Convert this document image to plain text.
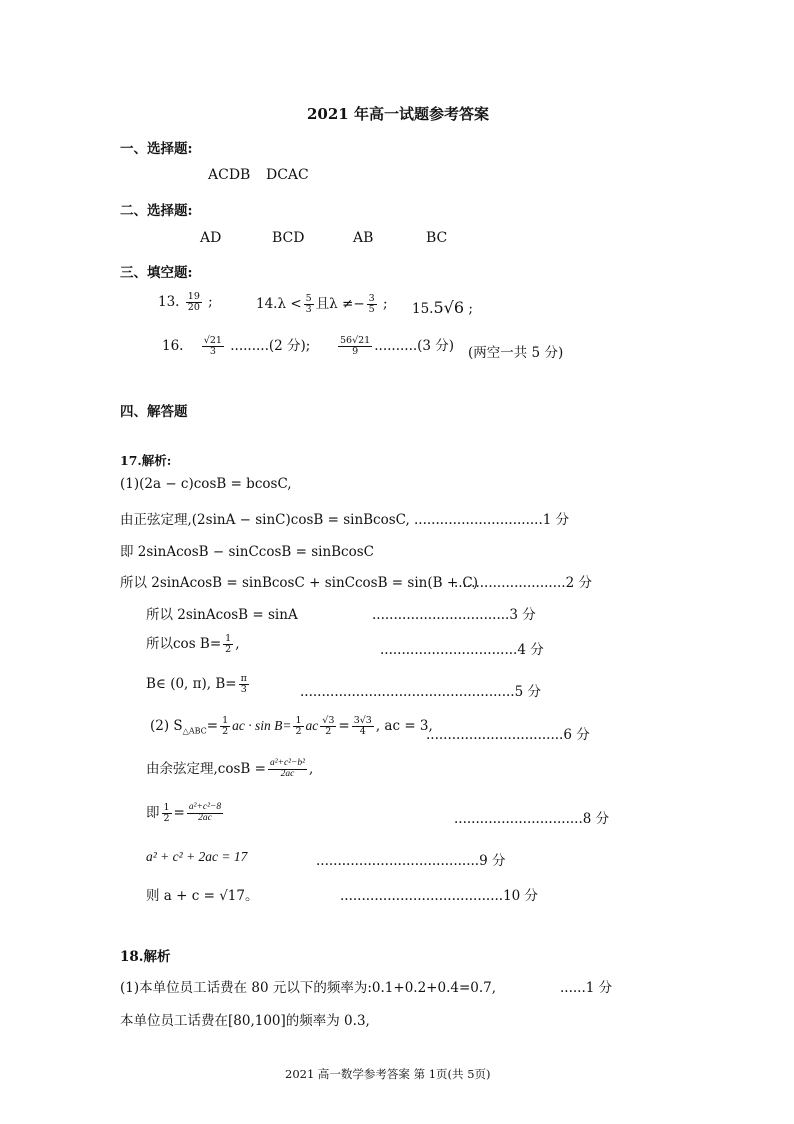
2021 年高一试题参考答案
一、选择题:
ACDB DCAC
二、选择题:
AD	BCD	AB	BC
三、填空题:
13. $\frac{19}{20}$ ;	$14.\lambda < \frac{5}{3}$ 且$\lambda \ne- \frac{3}{5}$ ; 15.5√6 ;
16. $\frac{√21}{3} .........(2$ 分);	$\frac{56√21}{9} ..........(3$ 分) (两空一共 5 分)
四、解答题
17.解析:
(1)(2a − c)cosB = bcosC,
由正弦定理,(2sinA − sinC)cosB = sinBcosC, ..............................1 分
即 2sinAcosB − sinCcosB = sinBcosC
所以 2sinAcosB = sinBcosC + sinCcosB = sin(B + C)
..........................2 分
所以 2sinAcosB = sinA	................................3 分
所以$\cos B= \frac{1}{2}$ ,	................................4 分
B∈ (0, π), $B= \frac{\pi}{3}$	..................................................5 分
(2) $S_{\triangle ABC}= \frac{1}{2}$ ac · $\sin B= \frac{1}{2}$ ac $\frac{√3}{2} = \frac{3√3}{4}$ , ac = 3,
................................6 分
由余弦定理$,\cos B = \frac{\text{a²+c²−b²}}{2ac}$ ,
即 $\frac{1}{2} = \frac{\text{a²+c²−8}}{2ac}$	..............................8 分
a² + c² + 2ac = 17	......................................9 分
则 a + c = √17。	......................................10 分
18.解析
(1)本单位员工话费在 80 元以下的频率为:0.1+0.2+0.4=0.7,	......1 分
本单位员工话费在[80,100]的频率为 0.3,
2021 高一数学参考答案 第 1页(共 5页)
